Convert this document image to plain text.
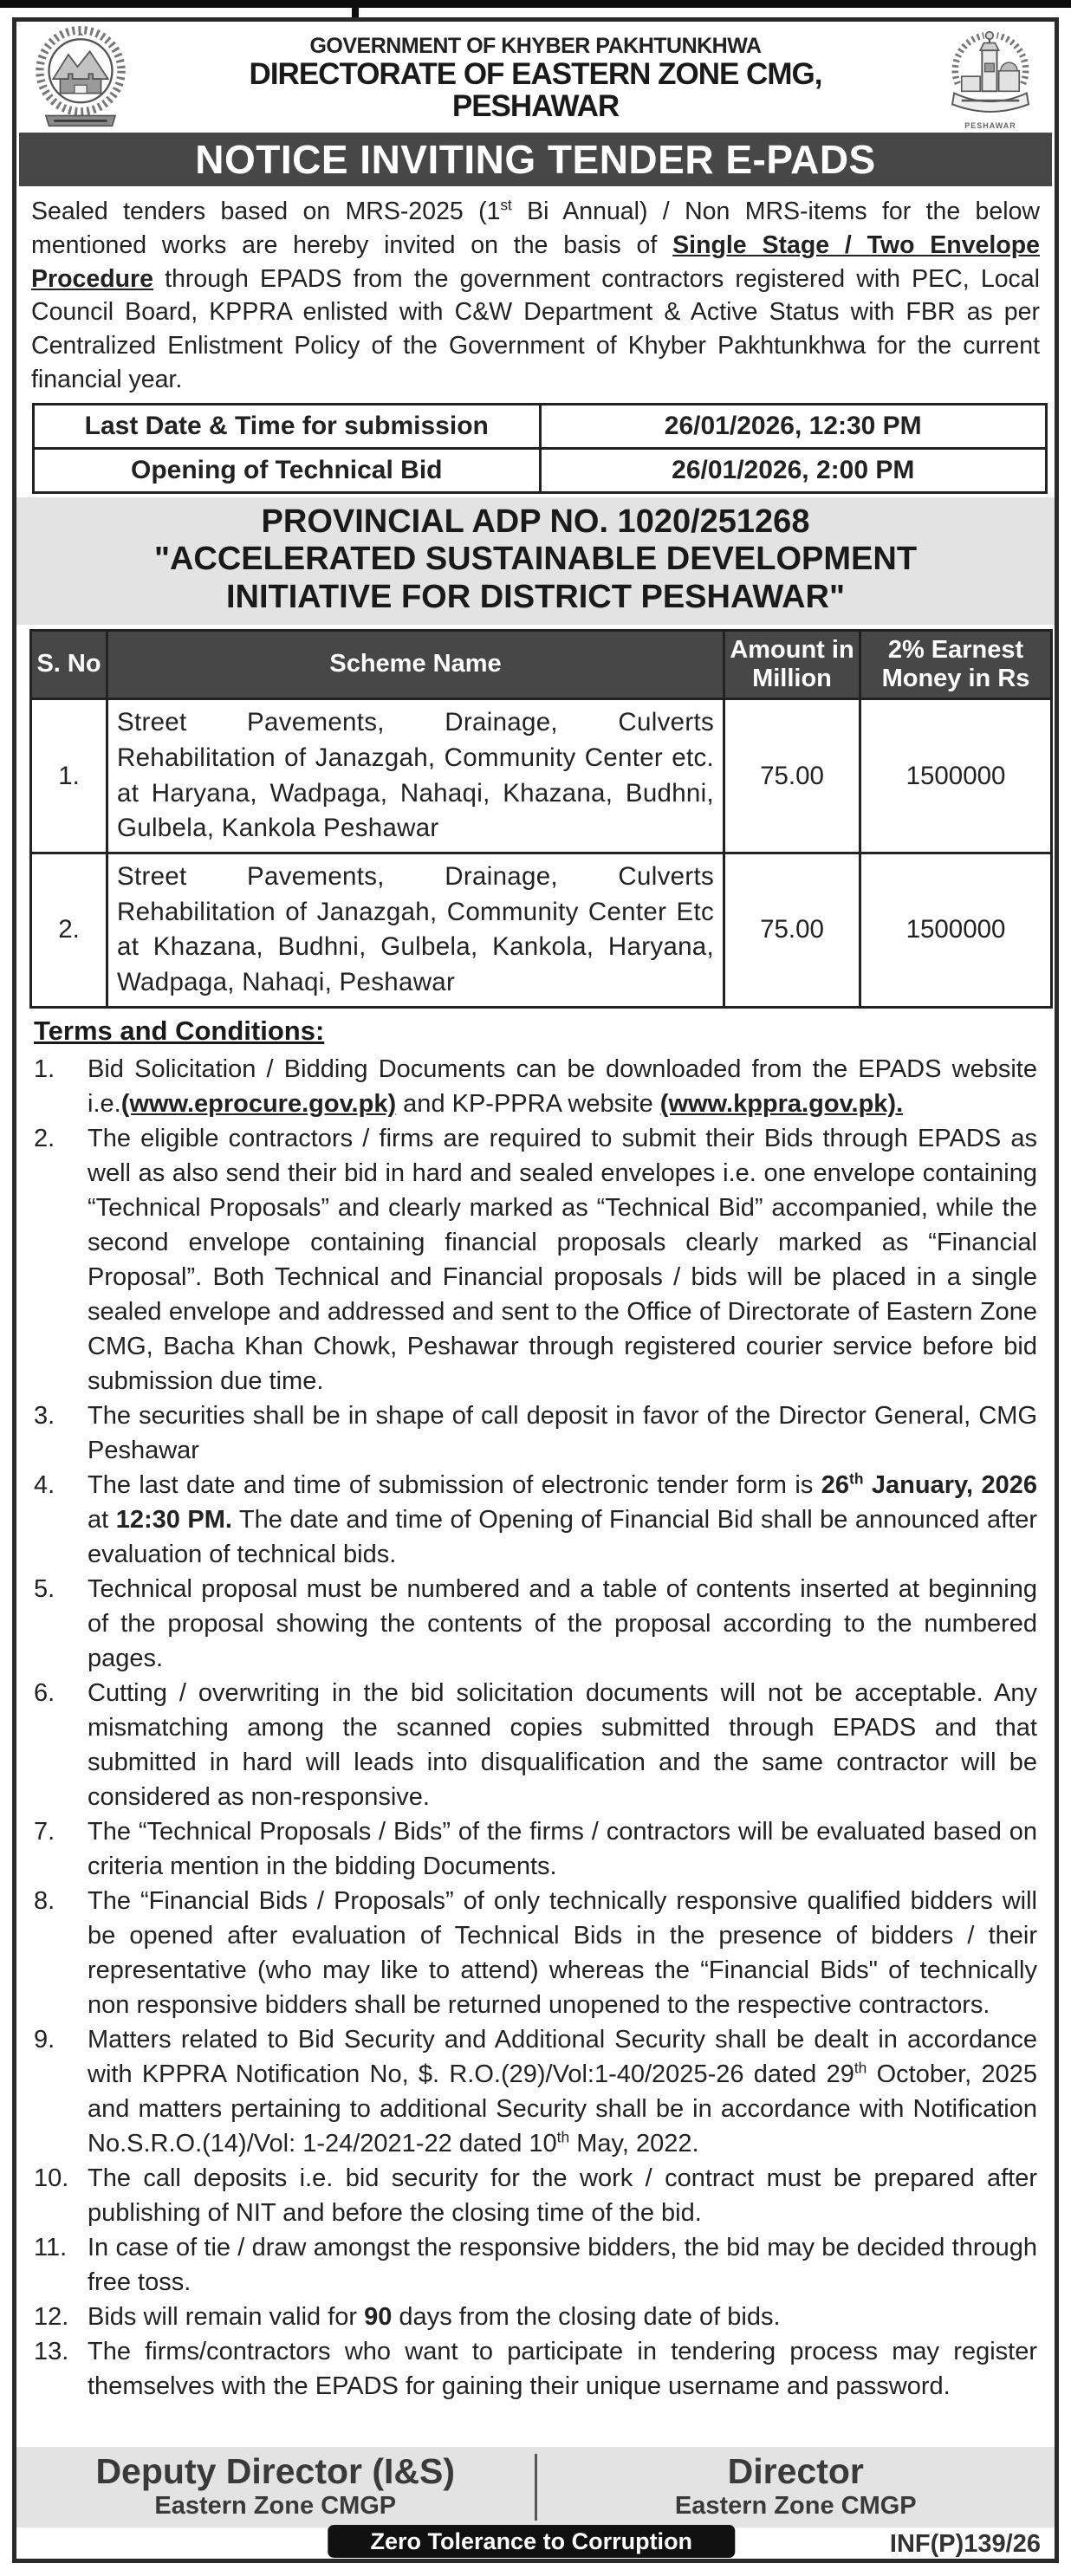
GOVERNMENT OF KHYBER PAKHTUNKHWA
DIRECTORATE OF EASTERN ZONE CMG,
PESHAWAR
PESHAWAR
NOTICE INVITING TENDER E-PADS
Sealed tenders based on MRS-2025 (1st Bi Annual) / Non MRS-items for the below mentioned works are hereby invited on the basis of Single Stage / Two Envelope Procedure through EPADS from the government contractors registered with PEC, Local Council Board, KPPRA enlisted with C&W Department & Active Status with FBR as per Centralized Enlistment Policy of the Government of Khyber Pakhtunkhwa for the current financial year.
Last Date & Time for submission	26/01/2026, 12:30 PM
Opening of Technical Bid	26/01/2026, 2:00 PM
PROVINCIAL ADP NO. 1020/251268
"ACCELERATED SUSTAINABLE DEVELOPMENT
INITIATIVE FOR DISTRICT PESHAWAR"
S. No	Scheme Name	Amount in Million	2% Earnest Money in Rs
1.	Street Pavements, Drainage, Culverts Rehabilitation of Janazgah, Community Center etc. at Haryana, Wadpaga, Nahaqi, Khazana, Budhni, Gulbela, Kankola Peshawar	75.00	1500000
2.	Street Pavements, Drainage, Culverts Rehabilitation of Janazgah, Community Center Etc at Khazana, Budhni, Gulbela, Kankola, Haryana, Wadpaga, Nahaqi, Peshawar	75.00	1500000
Terms and Conditions:
1.	Bid Solicitation / Bidding Documents can be downloaded from the EPADS website i.e.(www.eprocure.gov.pk) and KP-PPRA website (www.kppra.gov.pk).
2.	The eligible contractors / firms are required to submit their Bids through EPADS as well as also send their bid in hard and sealed envelopes i.e. one envelope containing “Technical Proposals” and clearly marked as “Technical Bid” accompanied, while the second envelope containing financial proposals clearly marked as “Financial Proposal”. Both Technical and Financial proposals / bids will be placed in a single sealed envelope and addressed and sent to the Office of Directorate of Eastern Zone CMG, Bacha Khan Chowk, Peshawar through registered courier service before bid submission due time.
3.	The securities shall be in shape of call deposit in favor of the Director General, CMG Peshawar
4.	The last date and time of submission of electronic tender form is 26th January, 2026 at 12:30 PM. The date and time of Opening of Financial Bid shall be announced after evaluation of technical bids.
5.	Technical proposal must be numbered and a table of contents inserted at beginning of the proposal showing the contents of the proposal according to the numbered pages.
6.	Cutting / overwriting in the bid solicitation documents will not be acceptable. Any mismatching among the scanned copies submitted through EPADS and that submitted in hard will leads into disqualification and the same contractor will be considered as non-responsive.
7.	The “Technical Proposals / Bids” of the firms / contractors will be evaluated based on criteria mention in the bidding Documents.
8.	The “Financial Bids / Proposals” of only technically responsive qualified bidders will be opened after evaluation of Technical Bids in the presence of bidders / their representative (who may like to attend) whereas the “Financial Bids" of technically non responsive bidders shall be returned unopened to the respective contractors.
9.	Matters related to Bid Security and Additional Security shall be dealt in accordance with KPPRA Notification No, $. R.O.(29)/Vol:1-40/2025-26 dated 29th October, 2025 and matters pertaining to additional Security shall be in accordance with Notification No.S.R.O.(14)/Vol: 1-24/2021-22 dated 10th May, 2022.
10. The call deposits i.e. bid security for the work / contract must be prepared after publishing of NIT and before the closing time of the bid.
11. In case of tie / draw amongst the responsive bidders, the bid may be decided through free toss.
12. Bids will remain valid for 90 days from the closing date of bids.
13. The firms/contractors who want to participate in tendering process may register themselves with the EPADS for gaining their unique username and password.
Deputy Director (I&S)
Eastern Zone CMGP
Director
Eastern Zone CMGP
Zero Tolerance to Corruption	INF(P)139/26
